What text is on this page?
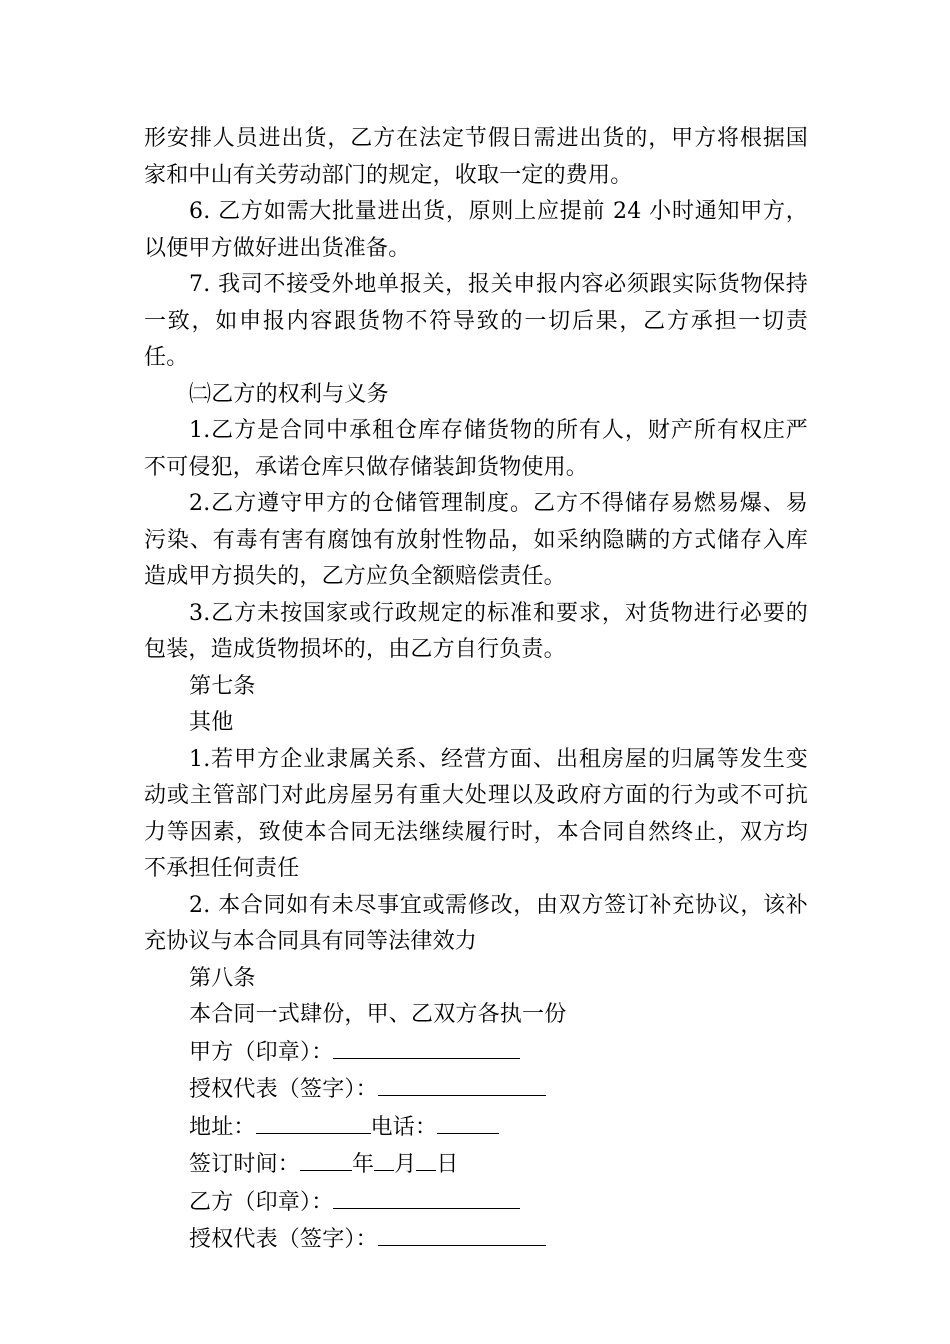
形安排人员进出货，乙方在法定节假日需进出货的，甲方将根据国家和中山有关劳动部门的规定，收取一定的费用。

6. 乙方如需大批量进出货，原则上应提前 24 小时通知甲方，以便甲方做好进出货准备。

7. 我司不接受外地单报关，报关申报内容必须跟实际货物保持一致，如申报内容跟货物不符导致的一切后果，乙方承担一切责任。

㈡乙方的权利与义务

1.乙方是合同中承租仓库存储货物的所有人，财产所有权庄严不可侵犯，承诺仓库只做存储装卸货物使用。

2.乙方遵守甲方的仓储管理制度。乙方不得储存易燃易爆、易污染、有毒有害有腐蚀有放射性物品，如采纳隐瞒的方式储存入库造成甲方损失的，乙方应负全额赔偿责任。

3.乙方未按国家或行政规定的标准和要求，对货物进行必要的包装，造成货物损坏的，由乙方自行负责。

第七条

其他

1.若甲方企业隶属关系、经营方面、出租房屋的归属等发生变动或主管部门对此房屋另有重大处理以及政府方面的行为或不可抗力等因素，致使本合同无法继续履行时，本合同自然终止，双方均不承担任何责任

2. 本合同如有未尽事宜或需修改，由双方签订补充协议，该补充协议与本合同具有同等法律效力

第八条

本合同一式肆份，甲、乙双方各执一份

甲方（印章）：

授权代表（签字）：

地址：	电话：

签订时间： 年 月 日

乙方（印章）：

授权代表（签字）：
